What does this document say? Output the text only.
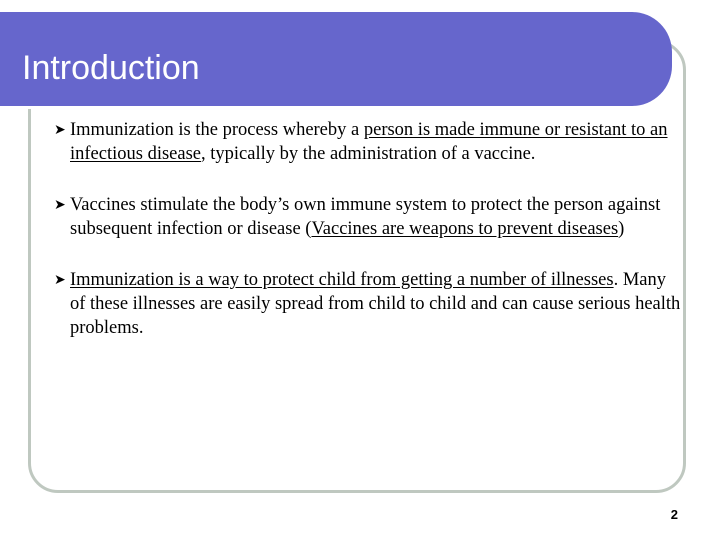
Introduction
➤ Immunization is the process whereby a person is made immune or resistant to an infectious disease, typically by the administration of a vaccine.
➤ Vaccines stimulate the body’s own immune system to protect the person against subsequent infection or disease (Vaccines are weapons to prevent diseases)
➤ Immunization is a way to protect child from getting a number of illnesses. Many of these illnesses are easily spread from child to child and can cause serious health problems.
2
